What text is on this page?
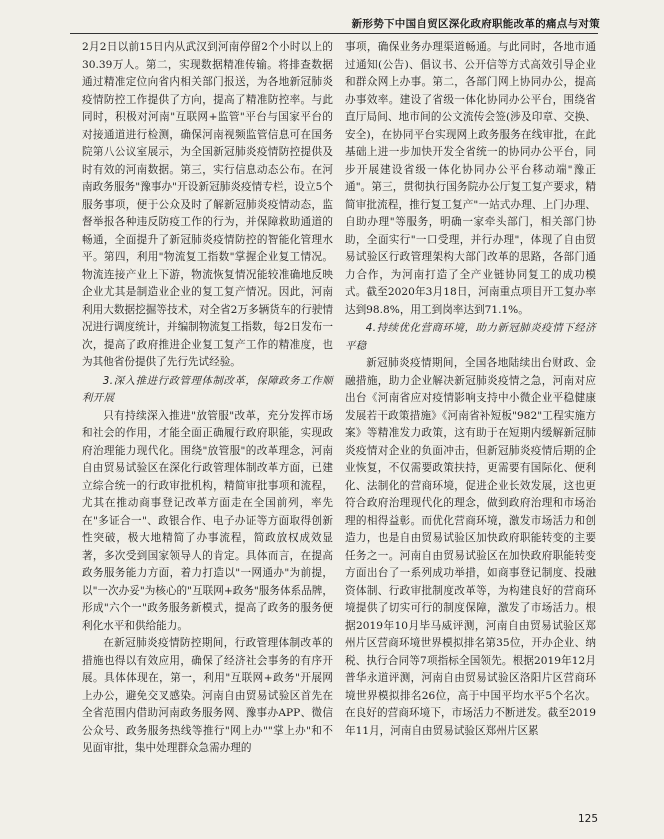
新形势下中国自贸区深化政府职能改革的痛点与对策

2月2日以前15日内从武汉到河南停留2个小时以上的30.39万人。第二，实现数据精准传输。将排查数据通过精准定位向省内相关部门报送，为各地新冠肺炎疫情防控工作提供了方向，提高了精准防控率。与此同时，积极对河南"互联网+监管"平台与国家平台的对接通道进行检测，确保河南视频监管信息可在国务院第八公议室展示，为全国新冠肺炎疫情防控提供及时有效的河南数据。第三，实行信息动态公布。在河南政务服务"豫事办"开设新冠肺炎疫情专栏，设立5个服务事项，便于公众及时了解新冠肺炎疫情动态，监督举报各种违反防疫工作的行为，并保障救助通道的畅通，全面提升了新冠肺炎疫情防控的智能化管理水平。第四，利用"物流复工指数"掌握企业复工情况。物流连接产业上下游，物流恢复情况能较准确地反映企业尤其是制造业企业的复工复产情况。因此，河南利用大数据挖掘等技术，对全省2万多辆货车的行驶情况进行调度统计，并编制物流复工指数，每2日发布一次，提高了政府推进企业复工复产工作的精准度，也为其他省份提供了先行先试经验。

3.深入推进行政管理体制改革，保障政务工作顺利开展

只有持续深入推进"放管服"改革，充分发挥市场和社会的作用，才能全面正确履行政府职能，实现政府治理能力现代化。围绕"放管服"的改革理念，河南自由贸易试验区在深化行政管理体制改革方面，已建立综合统一的行政审批机构，精简审批事项和流程，尤其在推动商事登记改革方面走在全国前列，率先在"多证合一"、政银合作、电子办证等方面取得创新性突破，极大地精简了办事流程，简政放权成效显著，多次受到国家领导人的肯定。具体而言，在提高政务服务能力方面，着力打造以"一网通办"为前提，以"一次办妥"为核心的"互联网+政务"服务体系品牌，形成"六个一"政务服务新模式，提高了政务的服务便利化水平和供给能力。

在新冠肺炎疫情防控期间，行政管理体制改革的措施也得以有效应用，确保了经济社会事务的有序开展。具体体现在，第一，利用"互联网+政务"开展网上办公，避免交叉感染。河南自由贸易试验区首先在全省范围内借助河南政务服务网、豫事办APP、微信公众号、政务服务热线等推行"网上办""掌上办"和不见面审批，集中处理群众急需办理的

事项，确保业务办理渠道畅通。与此同时，各地市通过通知(公告)、倡议书、公开信等方式高效引导企业和群众网上办事。第二，各部门网上协同办公，提高办事效率。建设了省级一体化协同办公平台，围绕省直厅局间、地市间的公文流传会签(涉及印章、交换、安全)，在协同平台实现网上政务服务在线审批，在此基础上进一步加快开发全省统一的协同办公平台，同步开展建设省级一体化协同办公平台移动端"豫正通"。第三，贯彻执行国务院办公厅复工复产要求，精简审批流程，推行复工复产"一站式办理、上门办理、自助办理"等服务，明确一家牵头部门，相关部门协助，全面实行"一口受理，并行办理"，体现了自由贸易试验区行政管理架构大部门改革的思路，各部门通力合作，为河南打造了全产业链协同复工的成功模式。截至2020年3月18日，河南重点项目开工复办率达到98.8%，用工到岗率达到71.1%。

4.持续优化营商环境，助力新冠肺炎疫情下经济平稳

新冠肺炎疫情期间，全国各地陆续出台财政、金融措施，助力企业解决新冠肺炎疫情之急，河南对应出台《河南省应对疫情影响支持中小微企业平稳健康发展若干政策措施》《河南省补短板"982"工程实施方案》等精准发力政策，这有助于在短期内缓解新冠肺炎疫情对企业的负面冲击，但新冠肺炎疫情后期的企业恢复，不仅需要政策扶持，更需要有国际化、便利化、法制化的营商环境，促进企业长效发展，这也更符合政府治理现代化的理念，做到政府治理和市场治理的相得益彰。而优化营商环境，激发市场活力和创造力，也是自由贸易试验区加快政府职能转变的主要任务之一。河南自由贸易试验区在加快政府职能转变方面出台了一系列成功举措，如商事登记制度、投融资体制、行政审批制度改革等，为构建良好的营商环境提供了切实可行的制度保障，激发了市场活力。根据2019年10月毕马威评测，河南自由贸易试验区郑州片区营商环境世界模拟排名第35位，开办企业、纳税、执行合同等7项指标全国领先。根据2019年12月普华永道评测，河南自由贸易试验区洛阳片区营商环境世界模拟排名26位，高于中国平均水平5个名次。在良好的营商环境下，市场活力不断迸发。截至2019年11月，河南自由贸易试验区郑州片区累

125
